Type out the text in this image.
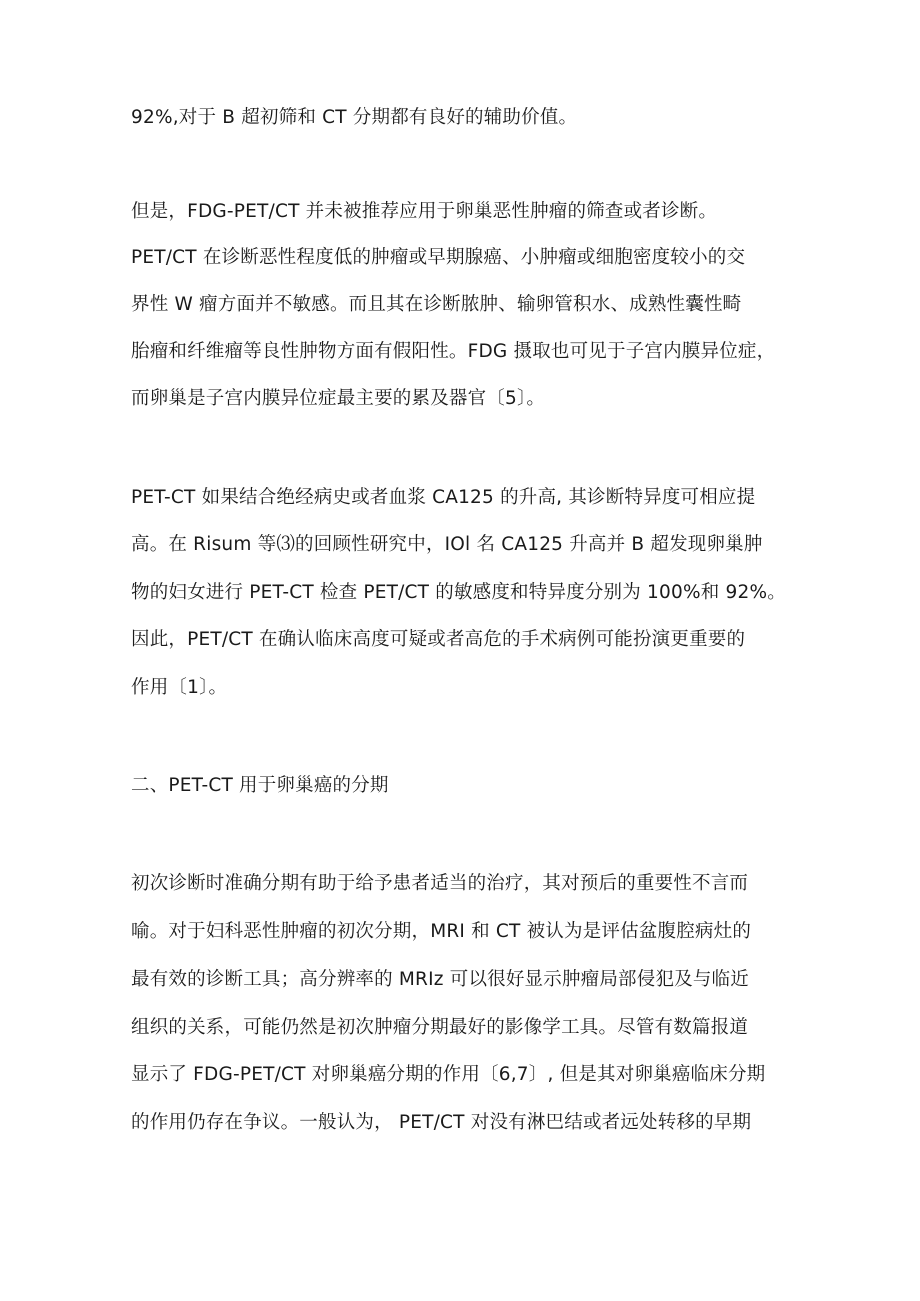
92%,对于 B 超初筛和 CT 分期都有良好的辅助价值。
但是，FDG-PET/CT 并未被推荐应用于卵巢恶性肿瘤的筛查或者诊断。
PET/CT 在诊断恶性程度低的肿瘤或早期腺癌、小肿瘤或细胞密度较小的交
界性 W 瘤方面并不敏感。而且其在诊断脓肿、输卵管积水、成熟性囊性畸
胎瘤和纤维瘤等良性肿物方面有假阳性。FDG 摄取也可见于子宫内膜异位症，
而卵巢是子宫内膜异位症最主要的累及器官〔5〕。
PET-CT 如果结合绝经病史或者血浆 CA125 的升高, 其诊断特异度可相应提
高。在 Risum 等⑶的回顾性研究中，IOl 名 CA125 升高并 B 超发现卵巢肿
物的妇女进行 PET-CT 检查 PET/CT 的敏感度和特异度分别为 100%和 92%。
因此，PET/CT 在确认临床高度可疑或者高危的手术病例可能扮演更重要的
作用〔1〕。
二、PET-CT 用于卵巢癌的分期
初次诊断时准确分期有助于给予患者适当的治疗，其对预后的重要性不言而
喻。对于妇科恶性肿瘤的初次分期，MRI 和 CT 被认为是评估盆腹腔病灶的
最有效的诊断工具；高分辨率的 MRIz 可以很好显示肿瘤局部侵犯及与临近
组织的关系，可能仍然是初次肿瘤分期最好的影像学工具。尽管有数篇报道
显示了 FDG-PET/CT 对卵巢癌分期的作用〔6,7〕, 但是其对卵巢癌临床分期
的作用仍存在争议。一般认为， PET/CT 对没有淋巴结或者远处转移的早期
